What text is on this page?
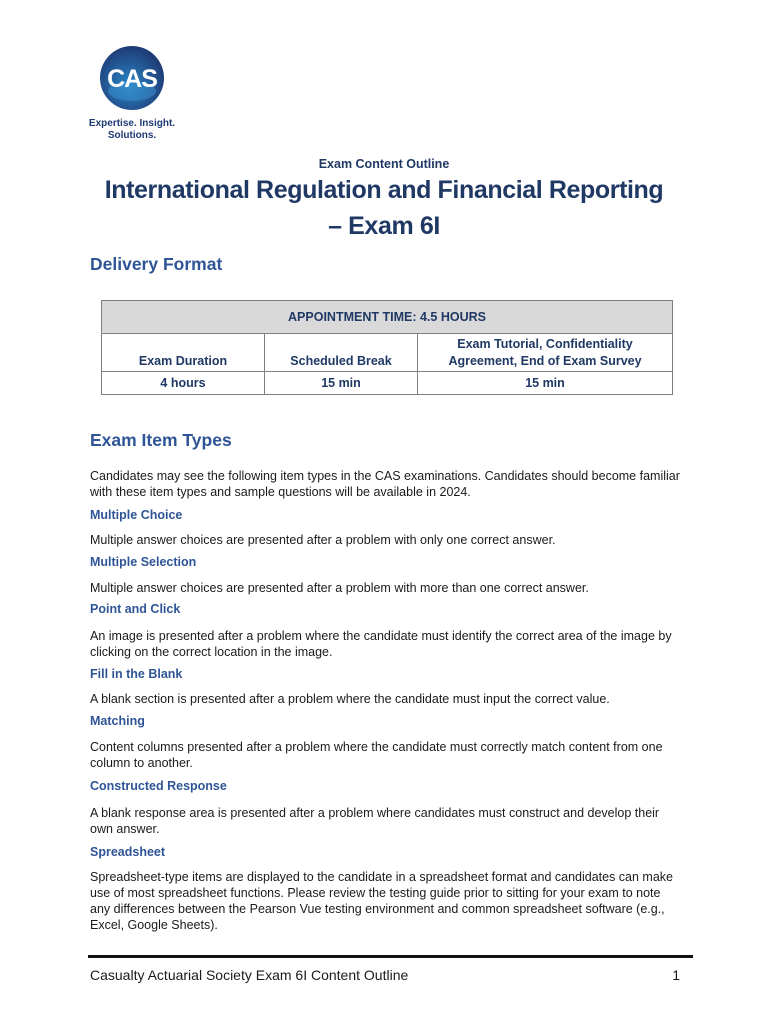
CAS
Expertise. Insight.
Solutions.
Exam Content Outline
International Regulation and Financial Reporting
– Exam 6I
Delivery Format
APPOINTMENT TIME: 4.5 HOURS		
Exam Duration	Scheduled Break	Exam Tutorial, Confidentiality Agreement, End of Exam Survey
4 hours	15 min	15 min
Exam Item Types
Candidates may see the following item types in the CAS examinations. Candidates should become familiar with these item types and sample questions will be available in 2024.
Multiple Choice
Multiple answer choices are presented after a problem with only one correct answer.
Multiple Selection
Multiple answer choices are presented after a problem with more than one correct answer.
Point and Click
An image is presented after a problem where the candidate must identify the correct area of the image by clicking on the correct location in the image.
Fill in the Blank
A blank section is presented after a problem where the candidate must input the correct value.
Matching
Content columns presented after a problem where the candidate must correctly match content from one column to another.
Constructed Response
A blank response area is presented after a problem where candidates must construct and develop their own answer.
Spreadsheet
Spreadsheet-type items are displayed to the candidate in a spreadsheet format and candidates can make use of most spreadsheet functions. Please review the testing guide prior to sitting for your exam to note any differences between the Pearson Vue testing environment and common spreadsheet software (e.g., Excel, Google Sheets).
Casualty Actuarial Society Exam 6I Content Outline	1
